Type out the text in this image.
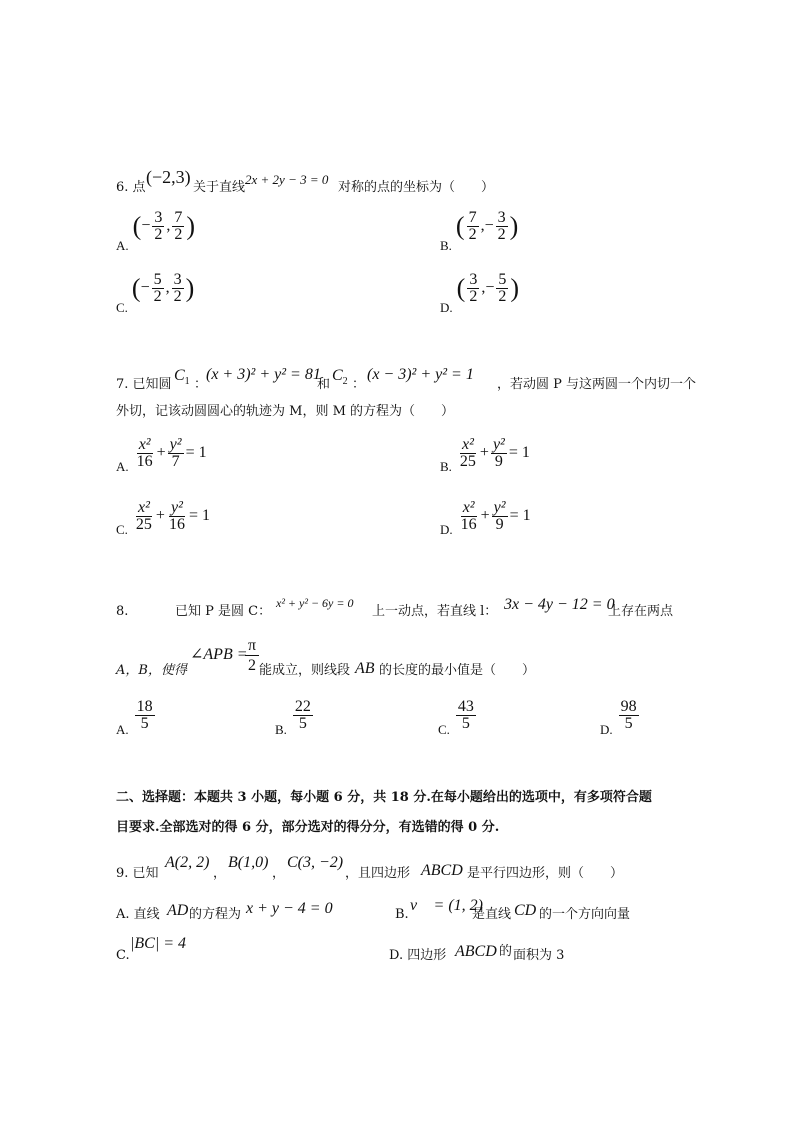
6. 点
(−2,3)
关于直线
2x + 2y − 3 = 0
对称的点的坐标为（　　）
$_{A.}$ (− $\frac{3}{2}$ , $\frac{7}{2}$ )
$_{B.}$ ( $\frac{7}{2}$ ,− $\frac{3}{2}$ )
$_{C.}$ (− $\frac{5}{2}$ , $\frac{3}{2}$ )
$_{D.}$ ( $\frac{3}{2}$ ,− $\frac{5}{2}$ )
7. 已知圆
$C_1$ ：
(x + 3)² + y² = 81
和
$C_2$ ：
(x − 3)² + y² = 1
，若动圆 P 与这两圆一个内切一个
外切，记该动圆圆心的轨迹为 M，则 M 的方程为（　　）
$_{A.} \frac{\text{x²}}{16} + \frac{\text{y²}}{7} = 1$
$_{B.} \frac{\text{x²}}{25} + \frac{\text{y²}}{9} = 1$
$_{C.} \frac{\text{x²}}{25} + \frac{\text{y²}}{16} = 1$
$_{D.} \frac{\text{x²}}{16} + \frac{\text{y²}}{9} = 1$
8.	已知 P 是圆 C：
x² + y² − 6y = 0
上一动点，若直线 l： 3x − 4y − 12 = 0
上存在两点
A，B，使得
∠APB =
π
2 能成立，则线段 AB 的长度的最小值是（　　）
$_{A.} \frac{18}{5}$	$_{B.} \frac{22}{5}$	$_{C.} \frac{43}{5}$	$_{D.} \frac{98}{5}$
二、选择题：本题共 3 小题，每小题 6 分，共 18 分.在每小题给出的选项中，有多项符合题
目要求.全部选对的得 6 分，部分选对的得分分，有选错的得 0 分.
9. 已知
A(2, 2)
，
B(1,0)
，
C(3, −2)
，且四边形 ABCD 是平行四边形，则（　　）
A. 直线 AD 的方程为 x + y − 4 = 0	B.
v⃗ = (1, 2)
是直线 CD 的一个方向向量
C.
|BC| = 4
D. 四边形 ABCD 的 面积为 3
